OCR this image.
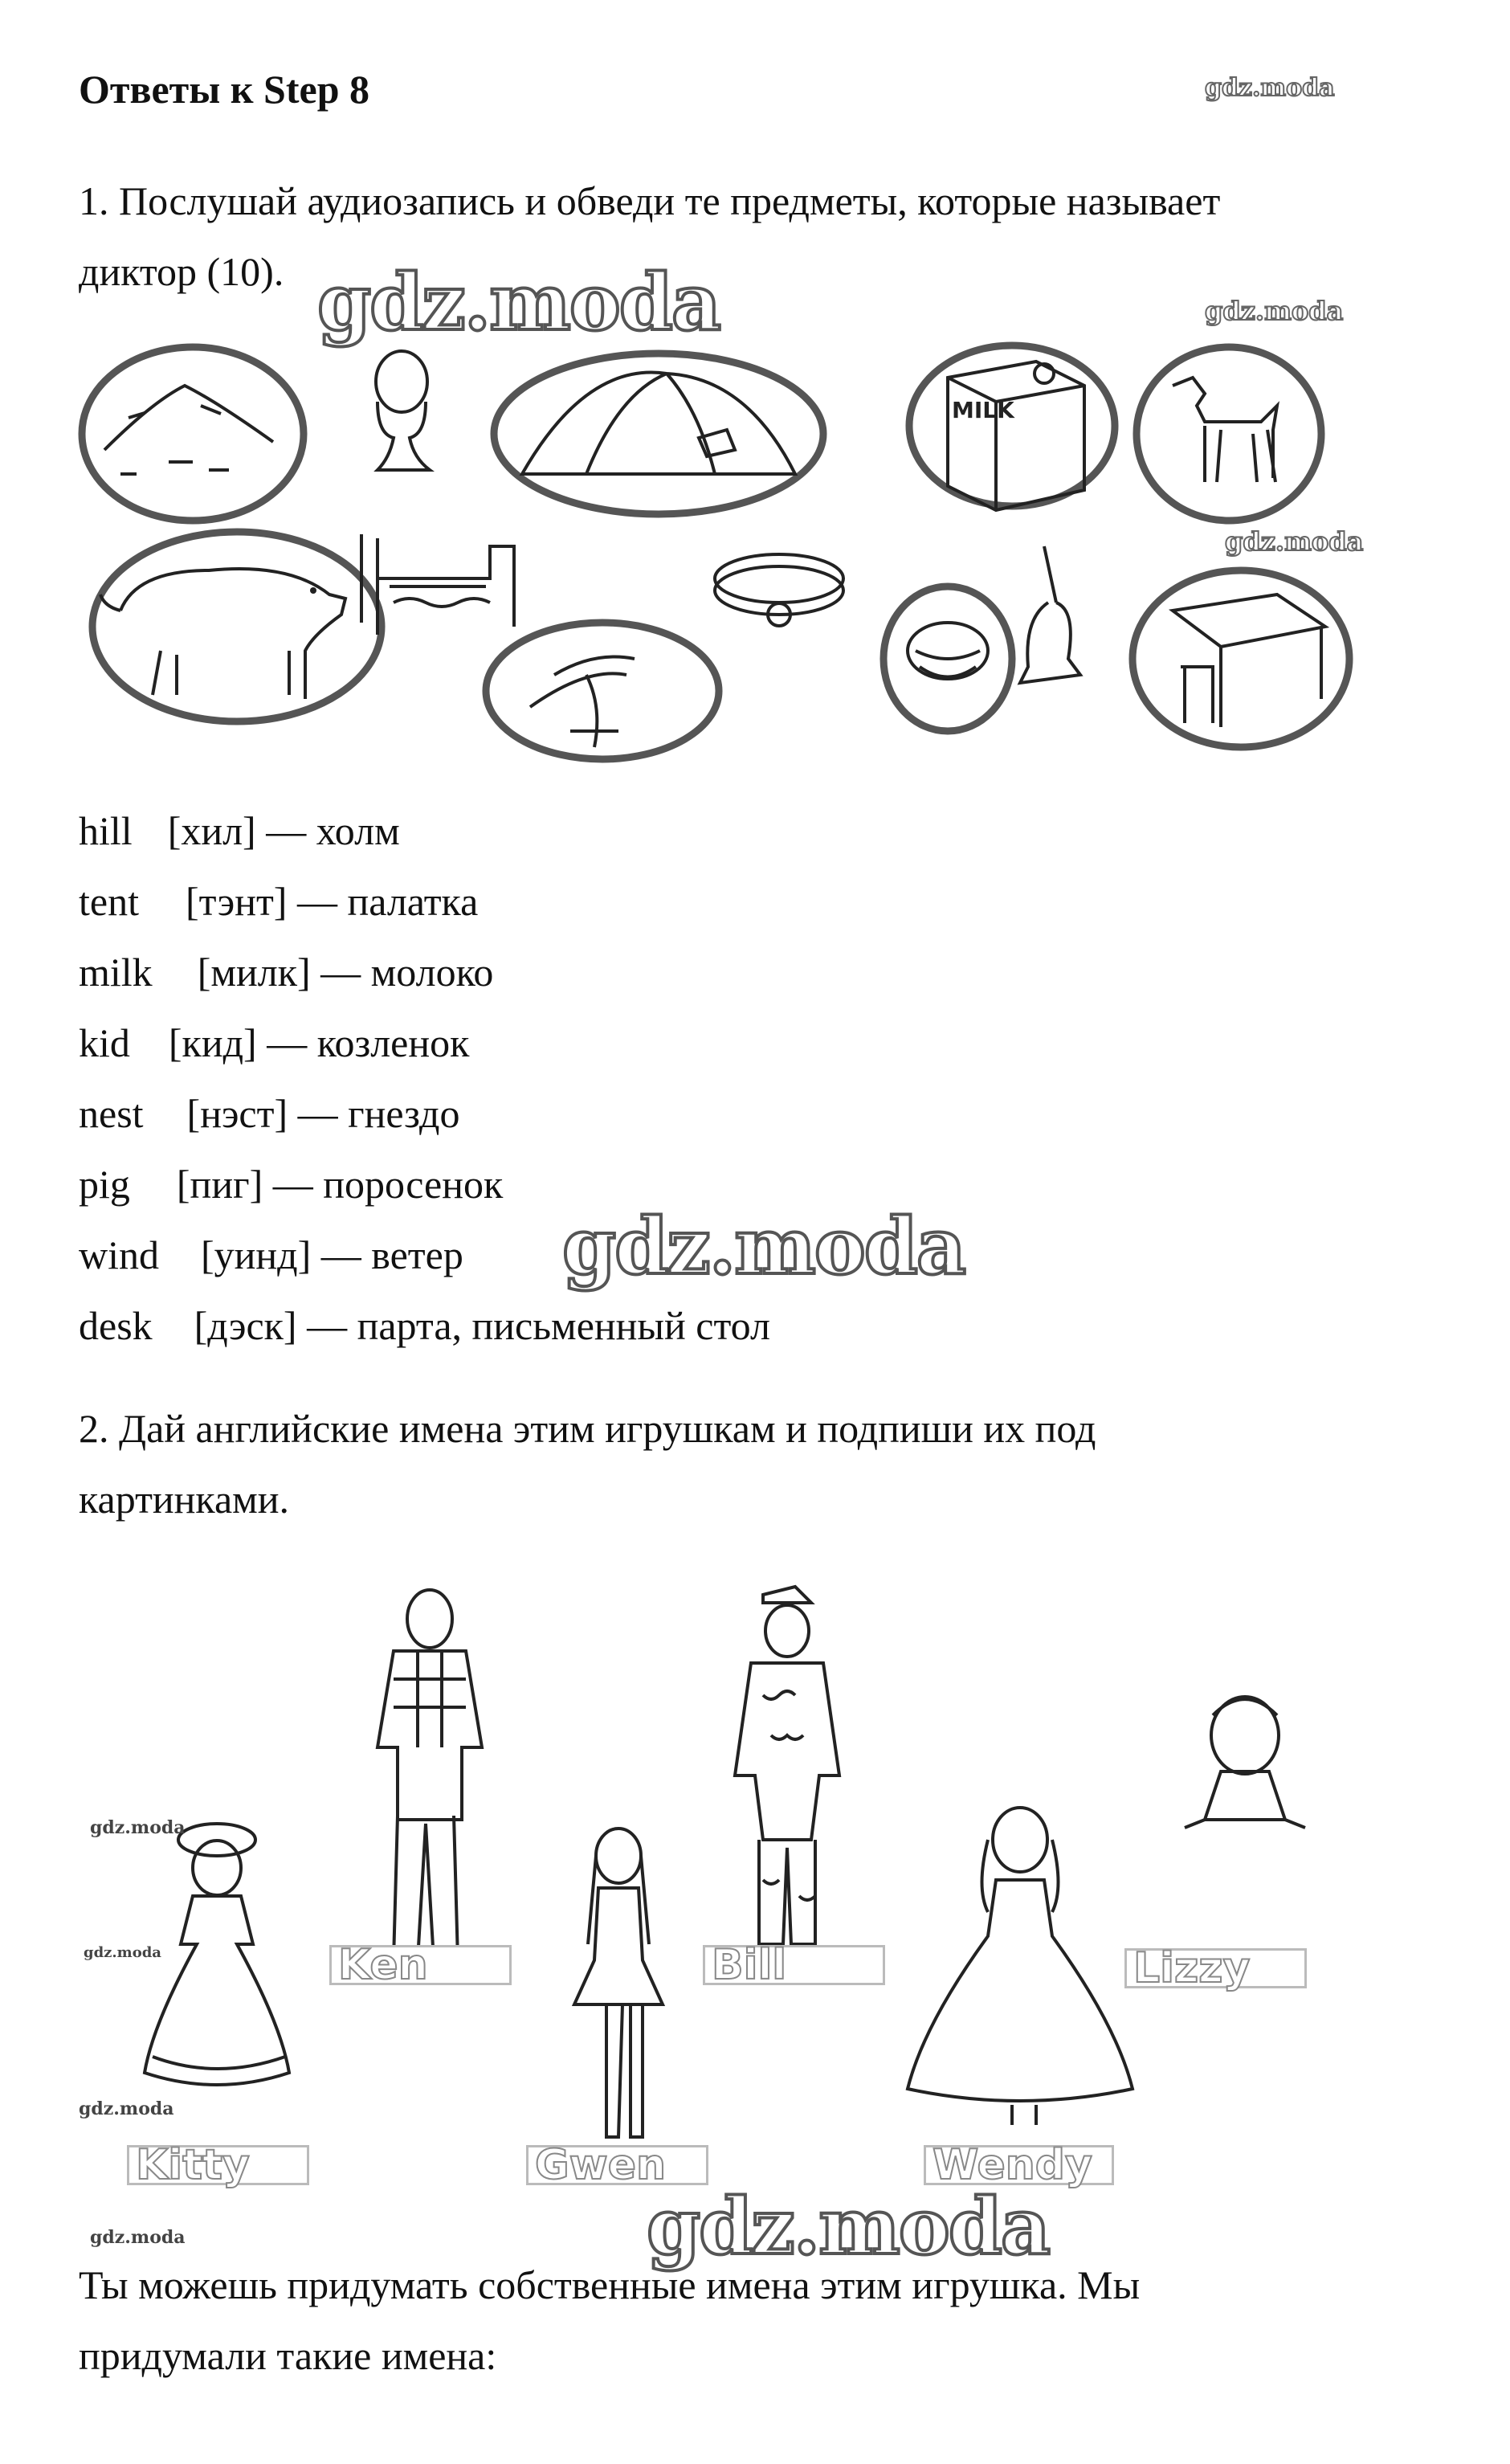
Ответы к Step 8	gdz.moda
1. Послушай аудиозапись и обведи те предметы, которые называет
диктор (10). gdz.moda	gdz.moda
gdz.moda
MILK
hill [хил] — холм
tent [тэнт] — палатка
milk [милк] — молоко
kid [кид] — козленок
nest [нэст] — гнездо
pig [пиг] — поросенок
wind [уинд] — ветер
desk [дэск] — парта, письменный стол
gdz.moda
2. Дай английские имена этим игрушкам и подпиши их под
картинками.
Ken	Bill	Lizzy
Kitty	Gwen	Wendy
gdz.moda
gdz.moda
gdz.moda
gdz.moda	gdz.moda
Ты можешь придумать собственные имена этим игрушка. Мы
придумали такие имена:
